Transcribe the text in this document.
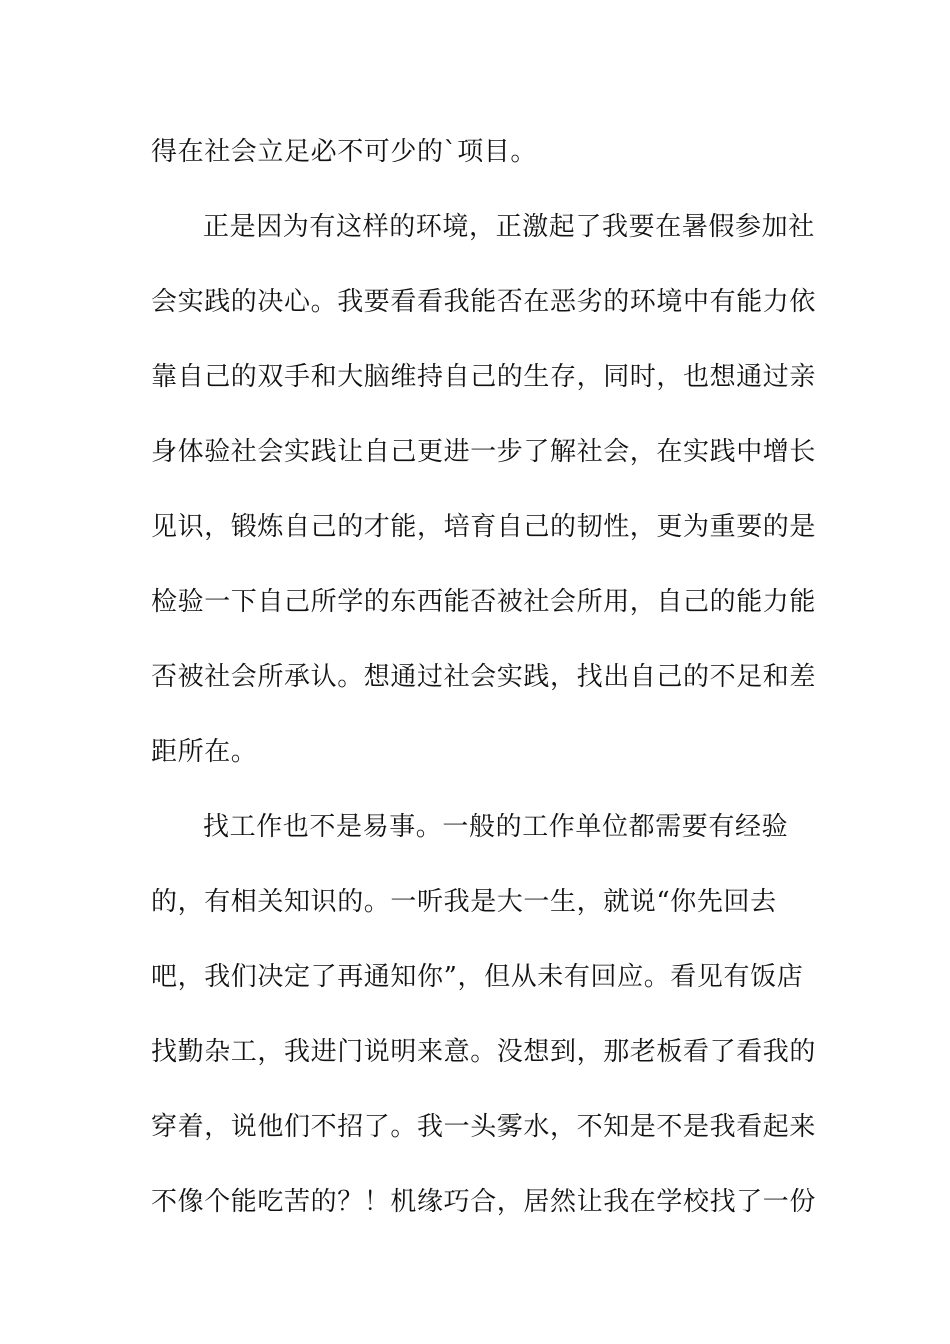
得在社会立足必不可少的`项目。
正是因为有这样的环境，正激起了我要在暑假参加社
会实践的决心。我要看看我能否在恶劣的环境中有能力依
靠自己的双手和大脑维持自己的生存，同时，也想通过亲
身体验社会实践让自己更进一步了解社会，在实践中增长
见识，锻炼自己的才能，培育自己的韧性，更为重要的是
检验一下自己所学的东西能否被社会所用，自己的能力能
否被社会所承认。想通过社会实践，找出自己的不足和差
距所在。
找工作也不是易事。一般的工作单位都需要有经验
的，有相关知识的。一听我是大一生，就说“你先回去
吧，我们决定了再通知你”，但从未有回应。看见有饭店
找勤杂工，我进门说明来意。没想到，那老板看了看我的
穿着，说他们不招了。我一头雾水，不知是不是我看起来
不像个能吃苦的？！机缘巧合，居然让我在学校找了一份
